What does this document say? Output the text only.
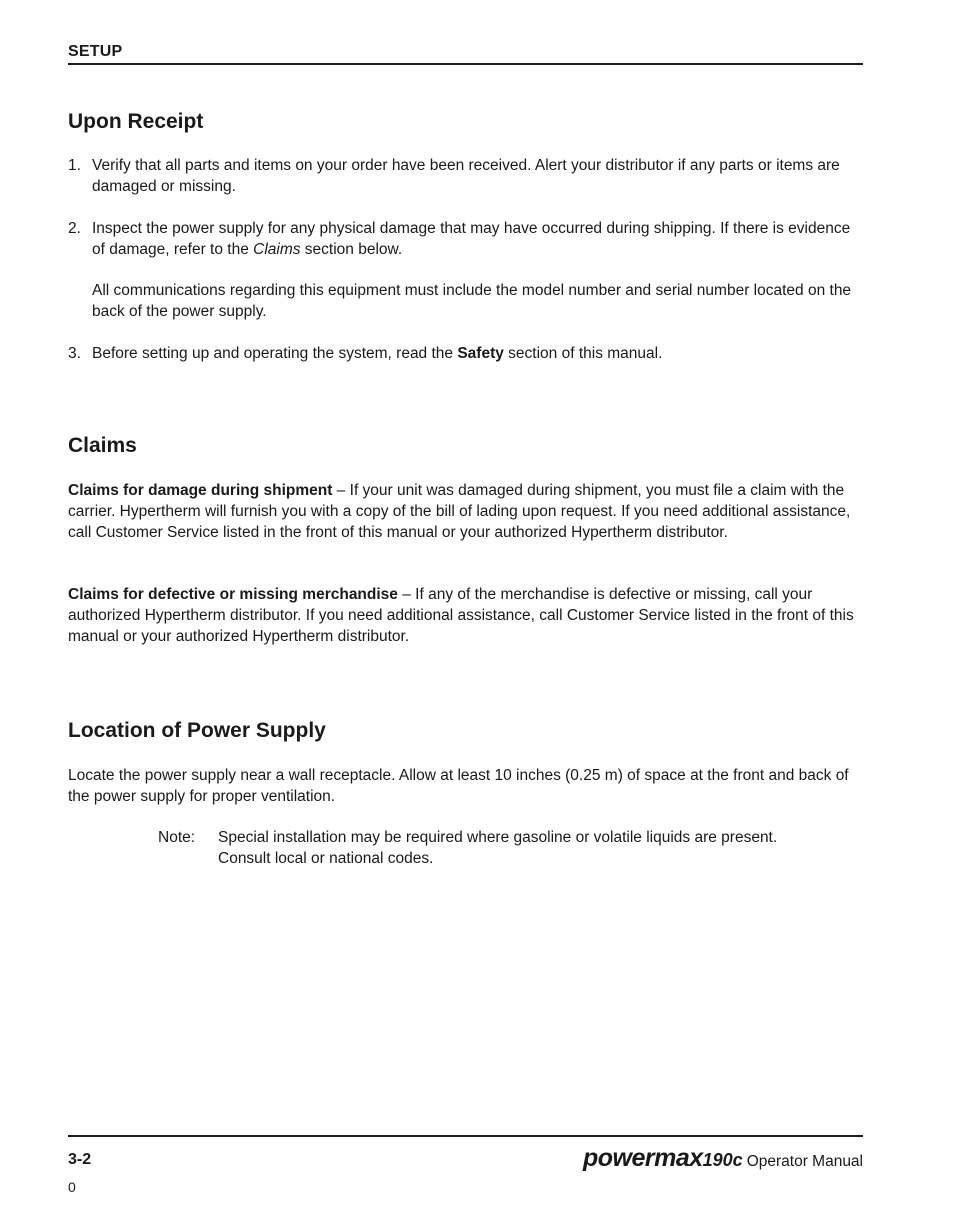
SETUP
Upon Receipt
1. Verify that all parts and items on your order have been received. Alert your distributor if any parts or items are damaged or missing.
2. Inspect the power supply for any physical damage that may have occurred during shipping. If there is evidence of damage, refer to the Claims section below.
All communications regarding this equipment must include the model number and serial number located on the back of the power supply.
3. Before setting up and operating the system, read the Safety section of this manual.
Claims

Claims for damage during shipment – If your unit was damaged during shipment, you must file a claim with the carrier. Hypertherm will furnish you with a copy of the bill of lading upon request. If you need additional assistance, call Customer Service listed in the front of this manual or your authorized Hypertherm distributor.

Claims for defective or missing merchandise – If any of the merchandise is defective or missing, call your authorized Hypertherm distributor. If you need additional assistance, call Customer Service listed in the front of this manual or your authorized Hypertherm distributor.

Location of Power Supply

Locate the power supply near a wall receptacle. Allow at least 10 inches (0.25 m) of space at the front and back of the power supply for proper ventilation.

Note: Special installation may be required where gasoline or volatile liquids are present. Consult local or national codes.
3-2
0
powermax190c Operator Manual
